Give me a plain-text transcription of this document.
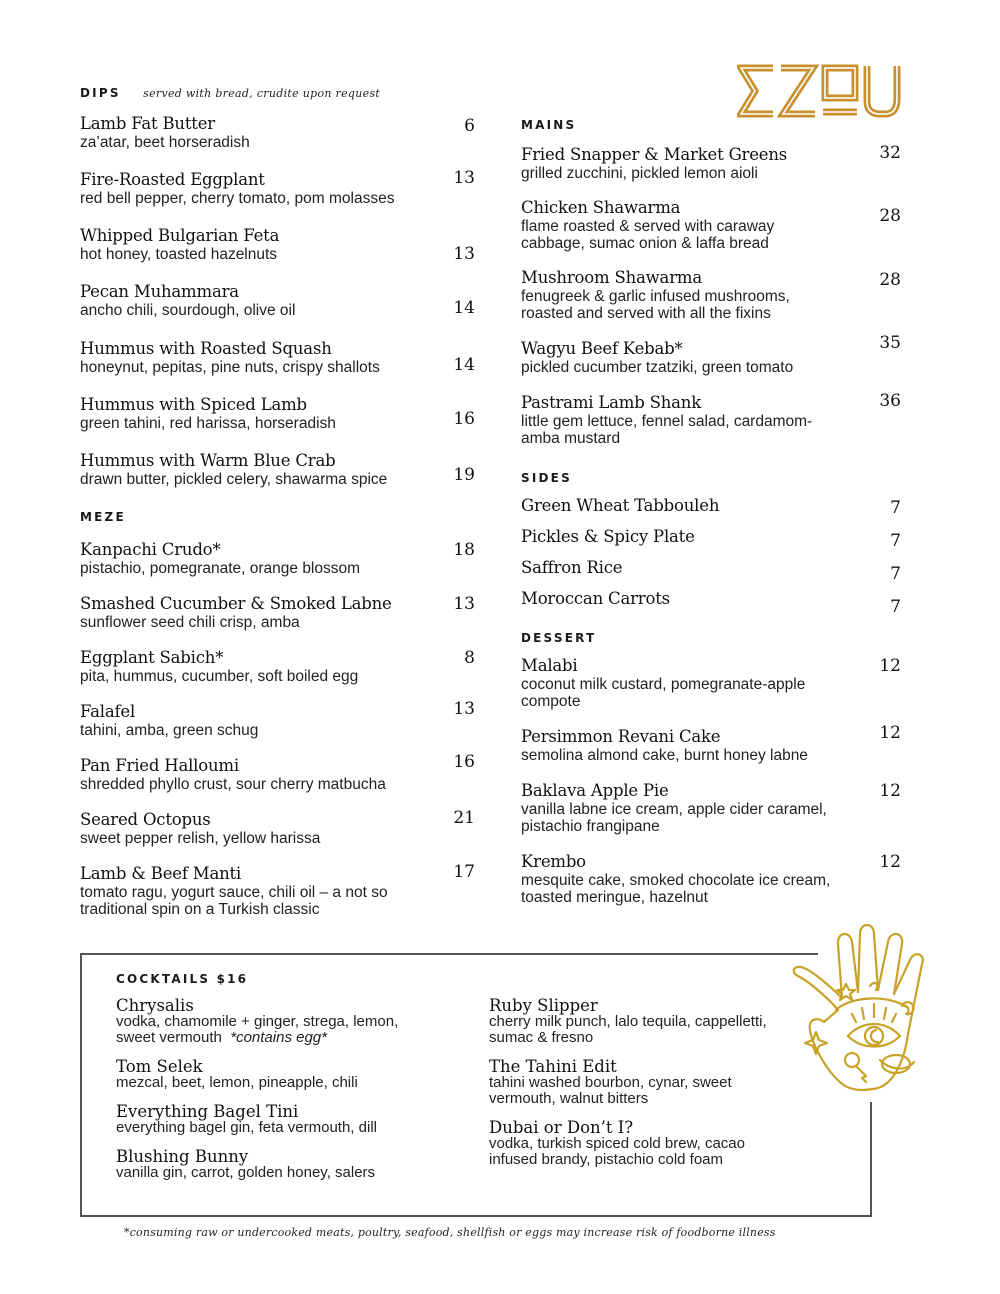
DIPS served with bread, crudite upon request
Lamb Fat Butter
za’atar, beet horseradish
6
Fire-Roasted Eggplant
red bell pepper, cherry tomato, pom molasses
13
Whipped Bulgarian Feta
hot honey, toasted hazelnuts	13
Pecan Muhammara
ancho chili, sourdough, olive oil	14
Hummus with Roasted Squash
honeynut, pepitas, pine nuts, crispy shallots	14
Hummus with Spiced Lamb
green tahini, red harissa, horseradish	16
Hummus with Warm Blue Crab
drawn butter, pickled celery, shawarma spice	19
MEZE
Kanpachi Crudo*
pistachio, pomegranate, orange blossom
18
Smashed Cucumber & Smoked Labne
sunflower seed chili crisp, amba
13
Eggplant Sabich*
pita, hummus, cucumber, soft boiled egg
8
Falafel
tahini, amba, green schug
13
Pan Fried Halloumi
shredded phyllo crust, sour cherry matbucha
16
Seared Octopus
sweet pepper relish, yellow harissa
21
Lamb & Beef Manti
tomato ragu, yogurt sauce, chili oil – a not so traditional spin on a Turkish classic
17
MAINS
Fried Snapper & Market Greens
grilled zucchini, pickled lemon aioli
32
Chicken Shawarma
flame roasted & served with caraway cabbage, sumac onion & laffa bread
28
Mushroom Shawarma
fenugreek & garlic infused mushrooms, roasted and served with all the fixins
28
Wagyu Beef Kebab*
pickled cucumber tzatziki, green tomato
35
Pastrami Lamb Shank
little gem lettuce, fennel salad, cardamom-amba mustard
36
SIDES
Green Wheat Tabbouleh	7
Pickles & Spicy Plate	7
Saffron Rice	7
Moroccan Carrots	7
DESSERT
Malabi
coconut milk custard, pomegranate-apple compote
12
Persimmon Revani Cake
semolina almond cake, burnt honey labne
12
Baklava Apple Pie
vanilla labne ice cream, apple cider caramel, pistachio frangipane
12
Krembo
mesquite cake, smoked chocolate ice cream, toasted meringue, hazelnut
12
COCKTAILS $16
Chrysalis
vodka, chamomile + ginger, strega, lemon,
sweet vermouth *contains egg*
Tom Selek
mezcal, beet, lemon, pineapple, chili
Everything Bagel Tini
everything bagel gin, feta vermouth, dill
Blushing Bunny
vanilla gin, carrot, golden honey, salers
Ruby Slipper
cherry milk punch, lalo tequila, cappelletti,
sumac & fresno
The Tahini Edit
tahini washed bourbon, cynar, sweet
vermouth, walnut bitters
Dubai or Don’t I?
vodka, turkish spiced cold brew, cacao
infused brandy, pistachio cold foam
*consuming raw or undercooked meats, poultry, seafood, shellfish or eggs may increase risk of foodborne illness
